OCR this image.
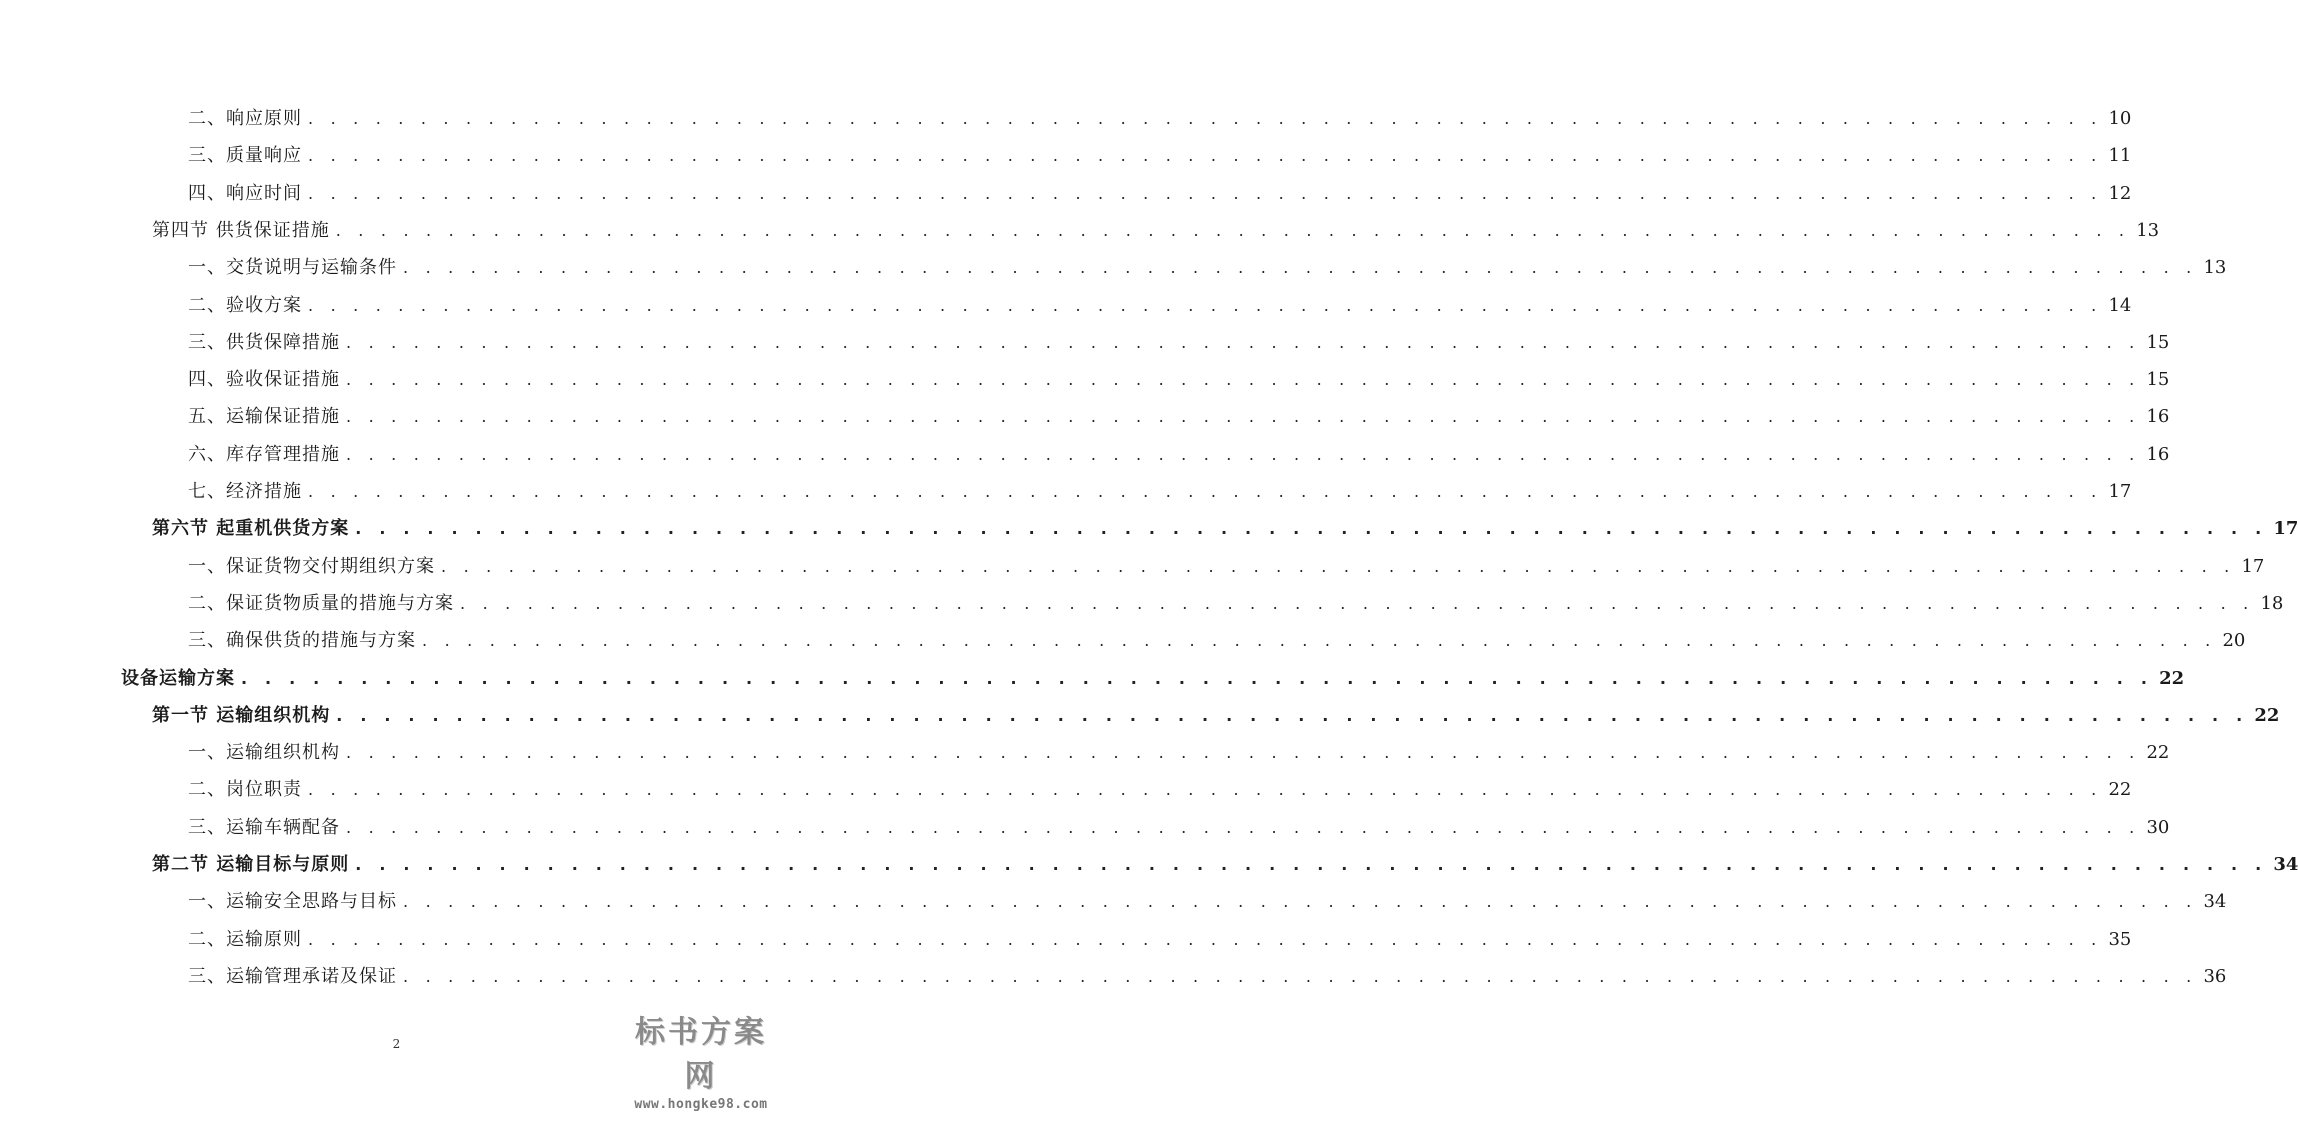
二、响应原则 . . . . . . . . . . . . . . . . . . . . . . . . . . . . . . . . . . . . . . . . . . . . . . . . . . . . . . . . . . . . . . . . . . . . . . . . . . . . . . . . 10
三、质量响应 . . . . . . . . . . . . . . . . . . . . . . . . . . . . . . . . . . . . . . . . . . . . . . . . . . . . . . . . . . . . . . . . . . . . . . . . . . . . . . . . 11
四、响应时间 . . . . . . . . . . . . . . . . . . . . . . . . . . . . . . . . . . . . . . . . . . . . . . . . . . . . . . . . . . . . . . . . . . . . . . . . . . . . . . . . 12
第四节 供货保证措施 . . . . . . . . . . . . . . . . . . . . . . . . . . . . . . . . . . . . . . . . . . . . . . . . . . . . . . . . . . . . . . . . . . . . . . . . . . . . . . . . 13
一、交货说明与运输条件 . . . . . . . . . . . . . . . . . . . . . . . . . . . . . . . . . . . . . . . . . . . . . . . . . . . . . . . . . . . . . . . . . . . . . . . . . . . . . . . . 13
二、验收方案 . . . . . . . . . . . . . . . . . . . . . . . . . . . . . . . . . . . . . . . . . . . . . . . . . . . . . . . . . . . . . . . . . . . . . . . . . . . . . . . . 14
三、供货保障措施 . . . . . . . . . . . . . . . . . . . . . . . . . . . . . . . . . . . . . . . . . . . . . . . . . . . . . . . . . . . . . . . . . . . . . . . . . . . . . . . . 15
四、验收保证措施 . . . . . . . . . . . . . . . . . . . . . . . . . . . . . . . . . . . . . . . . . . . . . . . . . . . . . . . . . . . . . . . . . . . . . . . . . . . . . . . . 15
五、运输保证措施 . . . . . . . . . . . . . . . . . . . . . . . . . . . . . . . . . . . . . . . . . . . . . . . . . . . . . . . . . . . . . . . . . . . . . . . . . . . . . . . . 16
六、库存管理措施 . . . . . . . . . . . . . . . . . . . . . . . . . . . . . . . . . . . . . . . . . . . . . . . . . . . . . . . . . . . . . . . . . . . . . . . . . . . . . . . . 16
七、经济措施 . . . . . . . . . . . . . . . . . . . . . . . . . . . . . . . . . . . . . . . . . . . . . . . . . . . . . . . . . . . . . . . . . . . . . . . . . . . . . . . . 17
第六节 起重机供货方案 . . . . . . . . . . . . . . . . . . . . . . . . . . . . . . . . . . . . . . . . . . . . . . . . . . . . . . . . . . . . . . . . . . . . . . . . . . . . . . . . 17
一、保证货物交付期组织方案 . . . . . . . . . . . . . . . . . . . . . . . . . . . . . . . . . . . . . . . . . . . . . . . . . . . . . . . . . . . . . . . . . . . . . . . . . . . . . . . . 17
二、保证货物质量的措施与方案 . . . . . . . . . . . . . . . . . . . . . . . . . . . . . . . . . . . . . . . . . . . . . . . . . . . . . . . . . . . . . . . . . . . . . . . . . . . . . . . . 18
三、确保供货的措施与方案 . . . . . . . . . . . . . . . . . . . . . . . . . . . . . . . . . . . . . . . . . . . . . . . . . . . . . . . . . . . . . . . . . . . . . . . . . . . . . . . . 20
设备运输方案 . . . . . . . . . . . . . . . . . . . . . . . . . . . . . . . . . . . . . . . . . . . . . . . . . . . . . . . . . . . . . . . . . . . . . . . . . . . . . . . . 22
第一节 运输组织机构 . . . . . . . . . . . . . . . . . . . . . . . . . . . . . . . . . . . . . . . . . . . . . . . . . . . . . . . . . . . . . . . . . . . . . . . . . . . . . . . . 22
一、运输组织机构 . . . . . . . . . . . . . . . . . . . . . . . . . . . . . . . . . . . . . . . . . . . . . . . . . . . . . . . . . . . . . . . . . . . . . . . . . . . . . . . . 22
二、岗位职责 . . . . . . . . . . . . . . . . . . . . . . . . . . . . . . . . . . . . . . . . . . . . . . . . . . . . . . . . . . . . . . . . . . . . . . . . . . . . . . . . 22
三、运输车辆配备 . . . . . . . . . . . . . . . . . . . . . . . . . . . . . . . . . . . . . . . . . . . . . . . . . . . . . . . . . . . . . . . . . . . . . . . . . . . . . . . . 30
第二节 运输目标与原则 . . . . . . . . . . . . . . . . . . . . . . . . . . . . . . . . . . . . . . . . . . . . . . . . . . . . . . . . . . . . . . . . . . . . . . . . . . . . . . . . 34
一、运输安全思路与目标 . . . . . . . . . . . . . . . . . . . . . . . . . . . . . . . . . . . . . . . . . . . . . . . . . . . . . . . . . . . . . . . . . . . . . . . . . . . . . . . . 34
二、运输原则 . . . . . . . . . . . . . . . . . . . . . . . . . . . . . . . . . . . . . . . . . . . . . . . . . . . . . . . . . . . . . . . . . . . . . . . . . . . . . . . . 35
三、运输管理承诺及保证 . . . . . . . . . . . . . . . . . . . . . . . . . . . . . . . . . . . . . . . . . . . . . . . . . . . . . . . . . . . . . . . . . . . . . . . . . . . . . . . . 36
2	标书方案网
www.hongke98.com
